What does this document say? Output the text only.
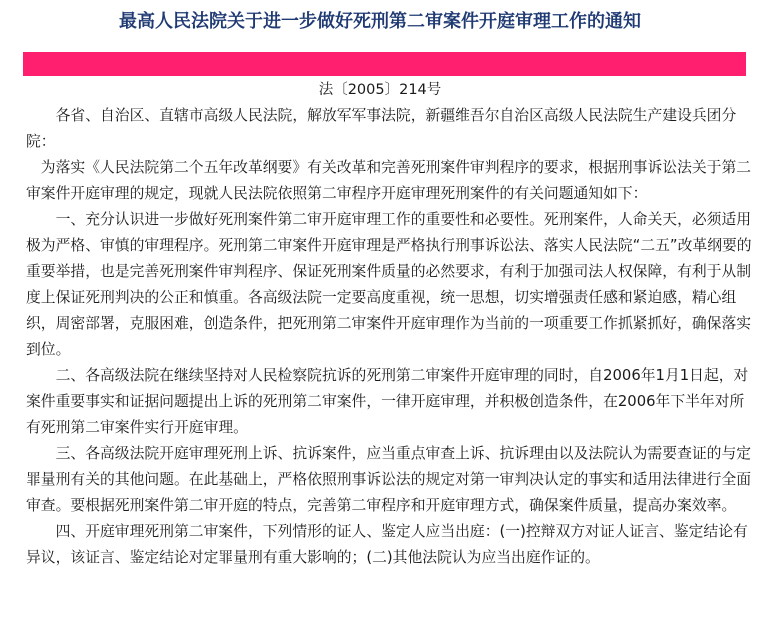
最高人民法院关于进一步做好死刑第二审案件开庭审理工作的通知
法〔2005〕214号

　　各省、自治区、直辖市高级人民法院，解放军军事法院，新疆维吾尔自治区高级人民法院生产建设兵团分院：

　为落实《人民法院第二个五年改革纲要》有关改革和完善死刑案件审判程序的要求，根据刑事诉讼法关于第二审案件开庭审理的规定，现就人民法院依照第二审程序开庭审理死刑案件的有关问题通知如下：

　　一、充分认识进一步做好死刑案件第二审开庭审理工作的重要性和必要性。死刑案件，人命关天，必须适用极为严格、审慎的审理程序。死刑第二审案件开庭审理是严格执行刑事诉讼法、落实人民法院“二五”改革纲要的重要举措，也是完善死刑案件审判程序、保证死刑案件质量的必然要求，有利于加强司法人权保障，有利于从制度上保证死刑判决的公正和慎重。各高级法院一定要高度重视，统一思想，切实增强责任感和紧迫感，精心组织，周密部署，克服困难，创造条件，把死刑第二审案件开庭审理作为当前的一项重要工作抓紧抓好，确保落实到位。

　　二、各高级法院在继续坚持对人民检察院抗诉的死刑第二审案件开庭审理的同时，自2006年1月1日起，对案件重要事实和证据问题提出上诉的死刑第二审案件，一律开庭审理，并积极创造条件，在2006年下半年对所有死刑第二审案件实行开庭审理。

　　三、各高级法院开庭审理死刑上诉、抗诉案件，应当重点审查上诉、抗诉理由以及法院认为需要查证的与定罪量刑有关的其他问题。在此基础上，严格依照刑事诉讼法的规定对第一审判决认定的事实和适用法律进行全面审查。要根据死刑案件第二审开庭的特点，完善第二审程序和开庭审理方式，确保案件质量，提高办案效率。

　　四、开庭审理死刑第二审案件，下列情形的证人、鉴定人应当出庭：(一)控辩双方对证人证言、鉴定结论有异议，该证言、鉴定结论对定罪量刑有重大影响的；(二)其他法院认为应当出庭作证的。
